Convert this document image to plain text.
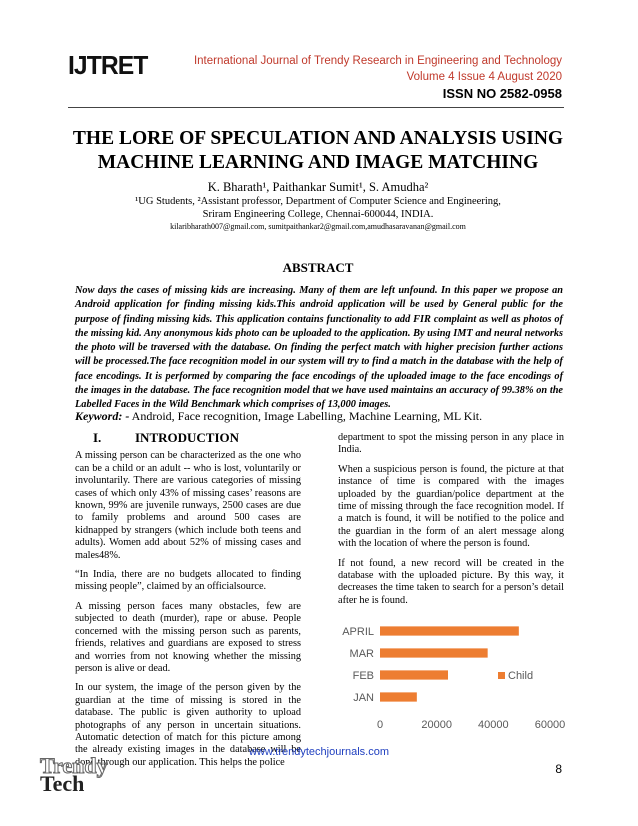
IJTRET	International Journal of Trendy Research in Engineering and Technology
Volume 4 Issue 4 August 2020
ISSN NO 2582-0958
THE LORE OF SPECULATION AND ANALYSIS USING
MACHINE LEARNING AND IMAGE MATCHING
K. Bharath¹, Paithankar Sumit¹, S. Amudha²
¹UG Students, ²Assistant professor, Department of Computer Science and Engineering,
Sriram Engineering College, Chennai-600044, INDIA.
kilaribharath007@gmail.com, sumitpaithankar2@gmail.com,amudhasaravanan@gmail.com
ABSTRACT

Now days the cases of missing kids are increasing. Many of them are left unfound. In this paper we propose an Android application for finding missing kids.This android application will be used by General public for the purpose of finding missing kids. This application contains functionality to add FIR complaint as well as photos of the missing kid. Any anonymous kids photo can be uploaded to the application. By using IMT and neural networks the photo will be traversed with the database. On finding the perfect match with higher precision further actions will be processed.The face recognition model in our system will try to find a match in the database with the help of face encodings. It is performed by comparing the face encodings of the uploaded image to the face encodings of the images in the database. The face recognition model that we have used maintains an accuracy of 99.38% on the Labelled Faces in the Wild Benchmark which comprises of 13,000 images.

Keyword: - Android, Face recognition, Image Labelling, Machine Learning, ML Kit.
I.	INTRODUCTION

A missing person can be characterized as the one who can be a child or an adult -- who is lost, voluntarily or involuntarily. There are various categories of missing cases of which only 43% of missing cases’ reasons are known, 99% are juvenile runways, 2500 cases are due to family problems and around 500 cases are kidnapped by strangers (which include both teens and adults). Women add about 52% of missing cases and males48%.

“In India, there are no budgets allocated to finding missing people”, claimed by an officialsource.

A missing person faces many obstacles, few are subjected to death (murder), rape or abuse. People concerned with the missing person such as parents, friends, relatives and guardians are exposed to stress and worries from not knowing whether the missing person is alive or dead.

In our system, the image of the person given by the guardian at the time of missing is stored in the database. The public is given authority to upload photographs of any person in uncertain situations. Automatic detection of match for this picture among the already existing images in the database will be done through our application. This helps the police

department to spot the missing person in any place in India.

When a suspicious person is found, the picture at that instance of time is compared with the images uploaded by the guardian/police department at the time of missing through the face recognition model. If a match is found, it will be notified to the police and the guardian in the form of an alert message along with the location of where the person is found.

If not found, a new record will be created in the database with the uploaded picture. By this way, it decreases the time taken to search for a person’s detail after he is found.

JAN
FEB
MAR
APRIL
0	20000 40000 60000
Child
www.trendytechjournals.com
8
Trendy
Tech
